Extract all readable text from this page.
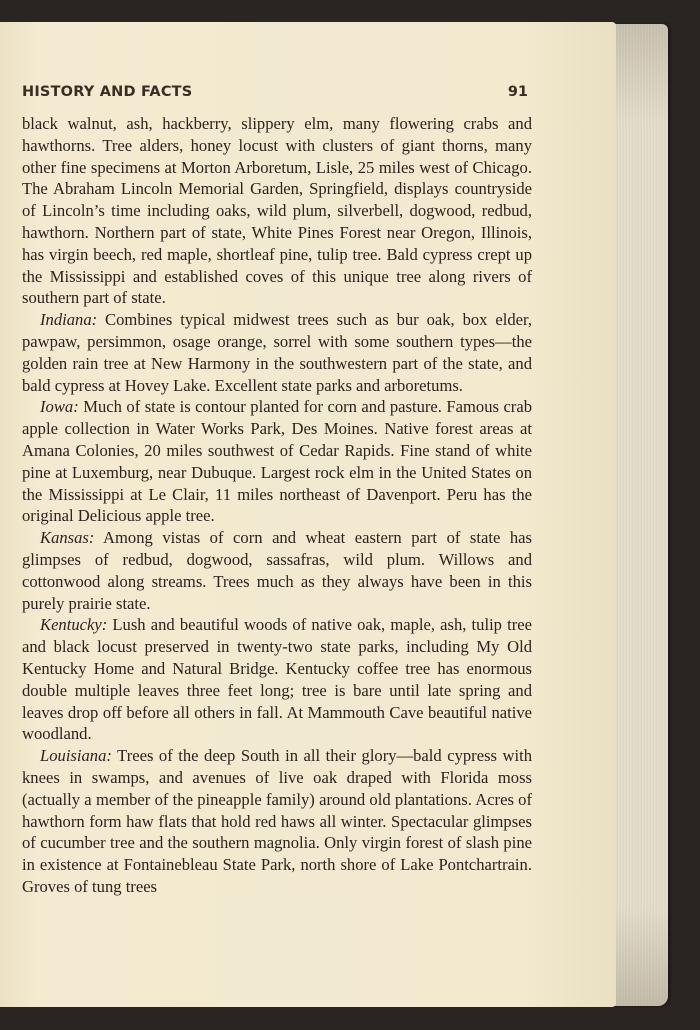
HISTORY AND FACTS	91

black walnut, ash, hackberry, slippery elm, many flowering crabs and hawthorns. Tree alders, honey locust with clusters of giant thorns, many other fine specimens at Morton Arboretum, Lisle, 25 miles west of Chicago. The Abraham Lincoln Memorial Garden, Springfield, displays countryside of Lincoln’s time including oaks, wild plum, silverbell, dogwood, redbud, hawthorn. Northern part of state, White Pines Forest near Oregon, Illinois, has virgin beech, red maple, shortleaf pine, tulip tree. Bald cypress crept up the Mississippi and established coves of this unique tree along rivers of southern part of state.

Indiana: Combines typical midwest trees such as bur oak, box elder, pawpaw, persimmon, osage orange, sorrel with some southern types—the golden rain tree at New Harmony in the southwestern part of the state, and bald cypress at Hovey Lake. Excellent state parks and arboretums.

Iowa: Much of state is contour planted for corn and pasture. Famous crab apple collection in Water Works Park, Des Moines. Native forest areas at Amana Colonies, 20 miles southwest of Cedar Rapids. Fine stand of white pine at Luxemburg, near Dubuque. Largest rock elm in the United States on the Mississippi at Le Clair, 11 miles northeast of Davenport. Peru has the original Delicious apple tree.

Kansas: Among vistas of corn and wheat eastern part of state has glimpses of redbud, dogwood, sassafras, wild plum. Willows and cottonwood along streams. Trees much as they always have been in this purely prairie state.

Kentucky: Lush and beautiful woods of native oak, maple, ash, tulip tree and black locust preserved in twenty-two state parks, including My Old Kentucky Home and Natural Bridge. Kentucky coffee tree has enormous double multiple leaves three feet long; tree is bare until late spring and leaves drop off before all others in fall. At Mammouth Cave beautiful native woodland.

Louisiana: Trees of the deep South in all their glory—bald cypress with knees in swamps, and avenues of live oak draped with Florida moss (actually a member of the pineapple family) around old plantations. Acres of hawthorn form haw flats that hold red haws all winter. Spectacular glimpses of cucumber tree and the southern magnolia. Only virgin forest of slash pine in existence at Fontainebleau State Park, north shore of Lake Pontchartrain. Groves of tung trees
